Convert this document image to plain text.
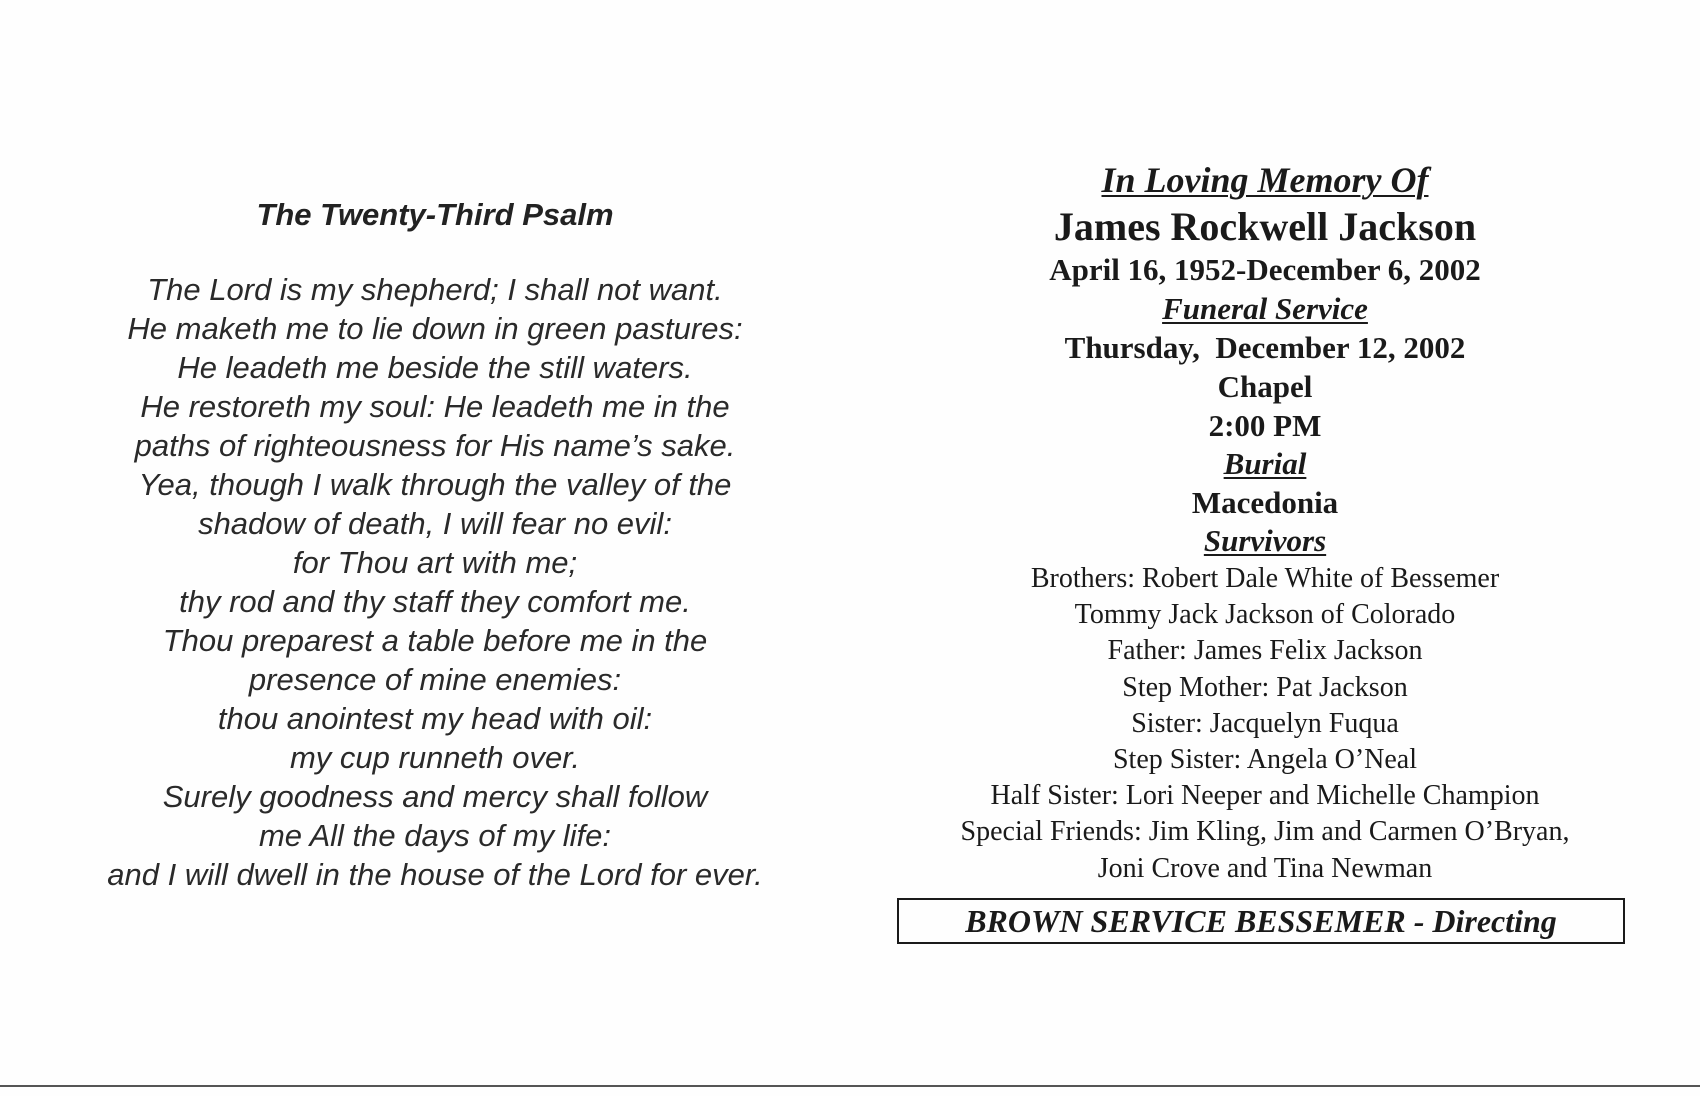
The Twenty-Third Psalm
The Lord is my shepherd; I shall not want.
He maketh me to lie down in green pastures:
He leadeth me beside the still waters.
He restoreth my soul: He leadeth me in the
paths of righteousness for His name’s sake.
Yea, though I walk through the valley of the
shadow of death, I will fear no evil:
for Thou art with me;
thy rod and thy staff they comfort me.
Thou preparest a table before me in the
presence of mine enemies:
thou anointest my head with oil:
my cup runneth over.
Surely goodness and mercy shall follow
me All the days of my life:
and I will dwell in the house of the Lord for ever.
In Loving Memory Of
James Rockwell Jackson
April 16, 1952-December 6, 2002
Funeral Service
Thursday,  December 12, 2002
Chapel
2:00 PM
Burial
Macedonia
Survivors
Brothers: Robert Dale White of Bessemer
Tommy Jack Jackson of Colorado
Father: James Felix Jackson
Step Mother: Pat Jackson
Sister: Jacquelyn Fuqua
Step Sister: Angela O’Neal
Half Sister: Lori Neeper and Michelle Champion
Special Friends: Jim Kling, Jim and Carmen O’Bryan,
Joni Crove and Tina Newman
BROWN SERVICE BESSEMER - Directing
